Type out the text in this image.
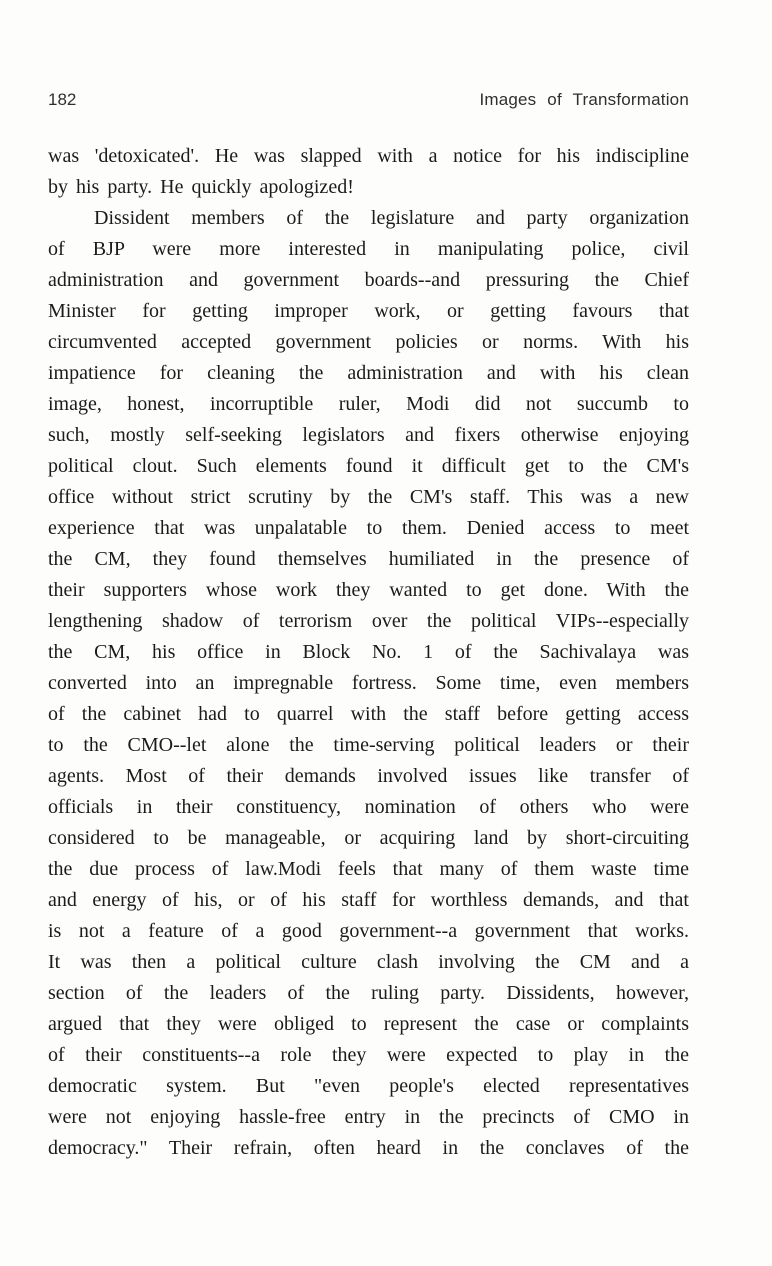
182	Images of Transformation
was 'detoxicated'. He was slapped with a notice for his indiscipline
by his party. He quickly apologized!
Dissident members of the legislature and party organization
of BJP were more interested in manipulating police, civil
administration and government boards--and pressuring the Chief
Minister for getting improper work, or getting favours that
circumvented accepted government policies or norms. With his
impatience for cleaning the administration and with his clean
image, honest, incorruptible ruler, Modi did not succumb to
such, mostly self-seeking legislators and fixers otherwise enjoying
political clout. Such elements found it difficult get to the CM's
office without strict scrutiny by the CM's staff. This was a new
experience that was unpalatable to them. Denied access to meet
the CM, they found themselves humiliated in the presence of
their supporters whose work they wanted to get done. With the
lengthening shadow of terrorism over the political VIPs--especially
the CM, his office in Block No. 1 of the Sachivalaya was
converted into an impregnable fortress. Some time, even members
of the cabinet had to quarrel with the staff before getting access
to the CMO--let alone the time-serving political leaders or their
agents. Most of their demands involved issues like transfer of
officials in their constituency, nomination of others who were
considered to be manageable, or acquiring land by short-circuiting
the due process of law.Modi feels that many of them waste time
and energy of his, or of his staff for worthless demands, and that
is not a feature of a good government--a government that works.
It was then a political culture clash involving the CM and a
section of the leaders of the ruling party. Dissidents, however,
argued that they were obliged to represent the case or complaints
of their constituents--a role they were expected to play in the
democratic system. But "even people's elected representatives
were not enjoying hassle-free entry in the precincts of CMO in
democracy." Their refrain, often heard in the conclaves of the
